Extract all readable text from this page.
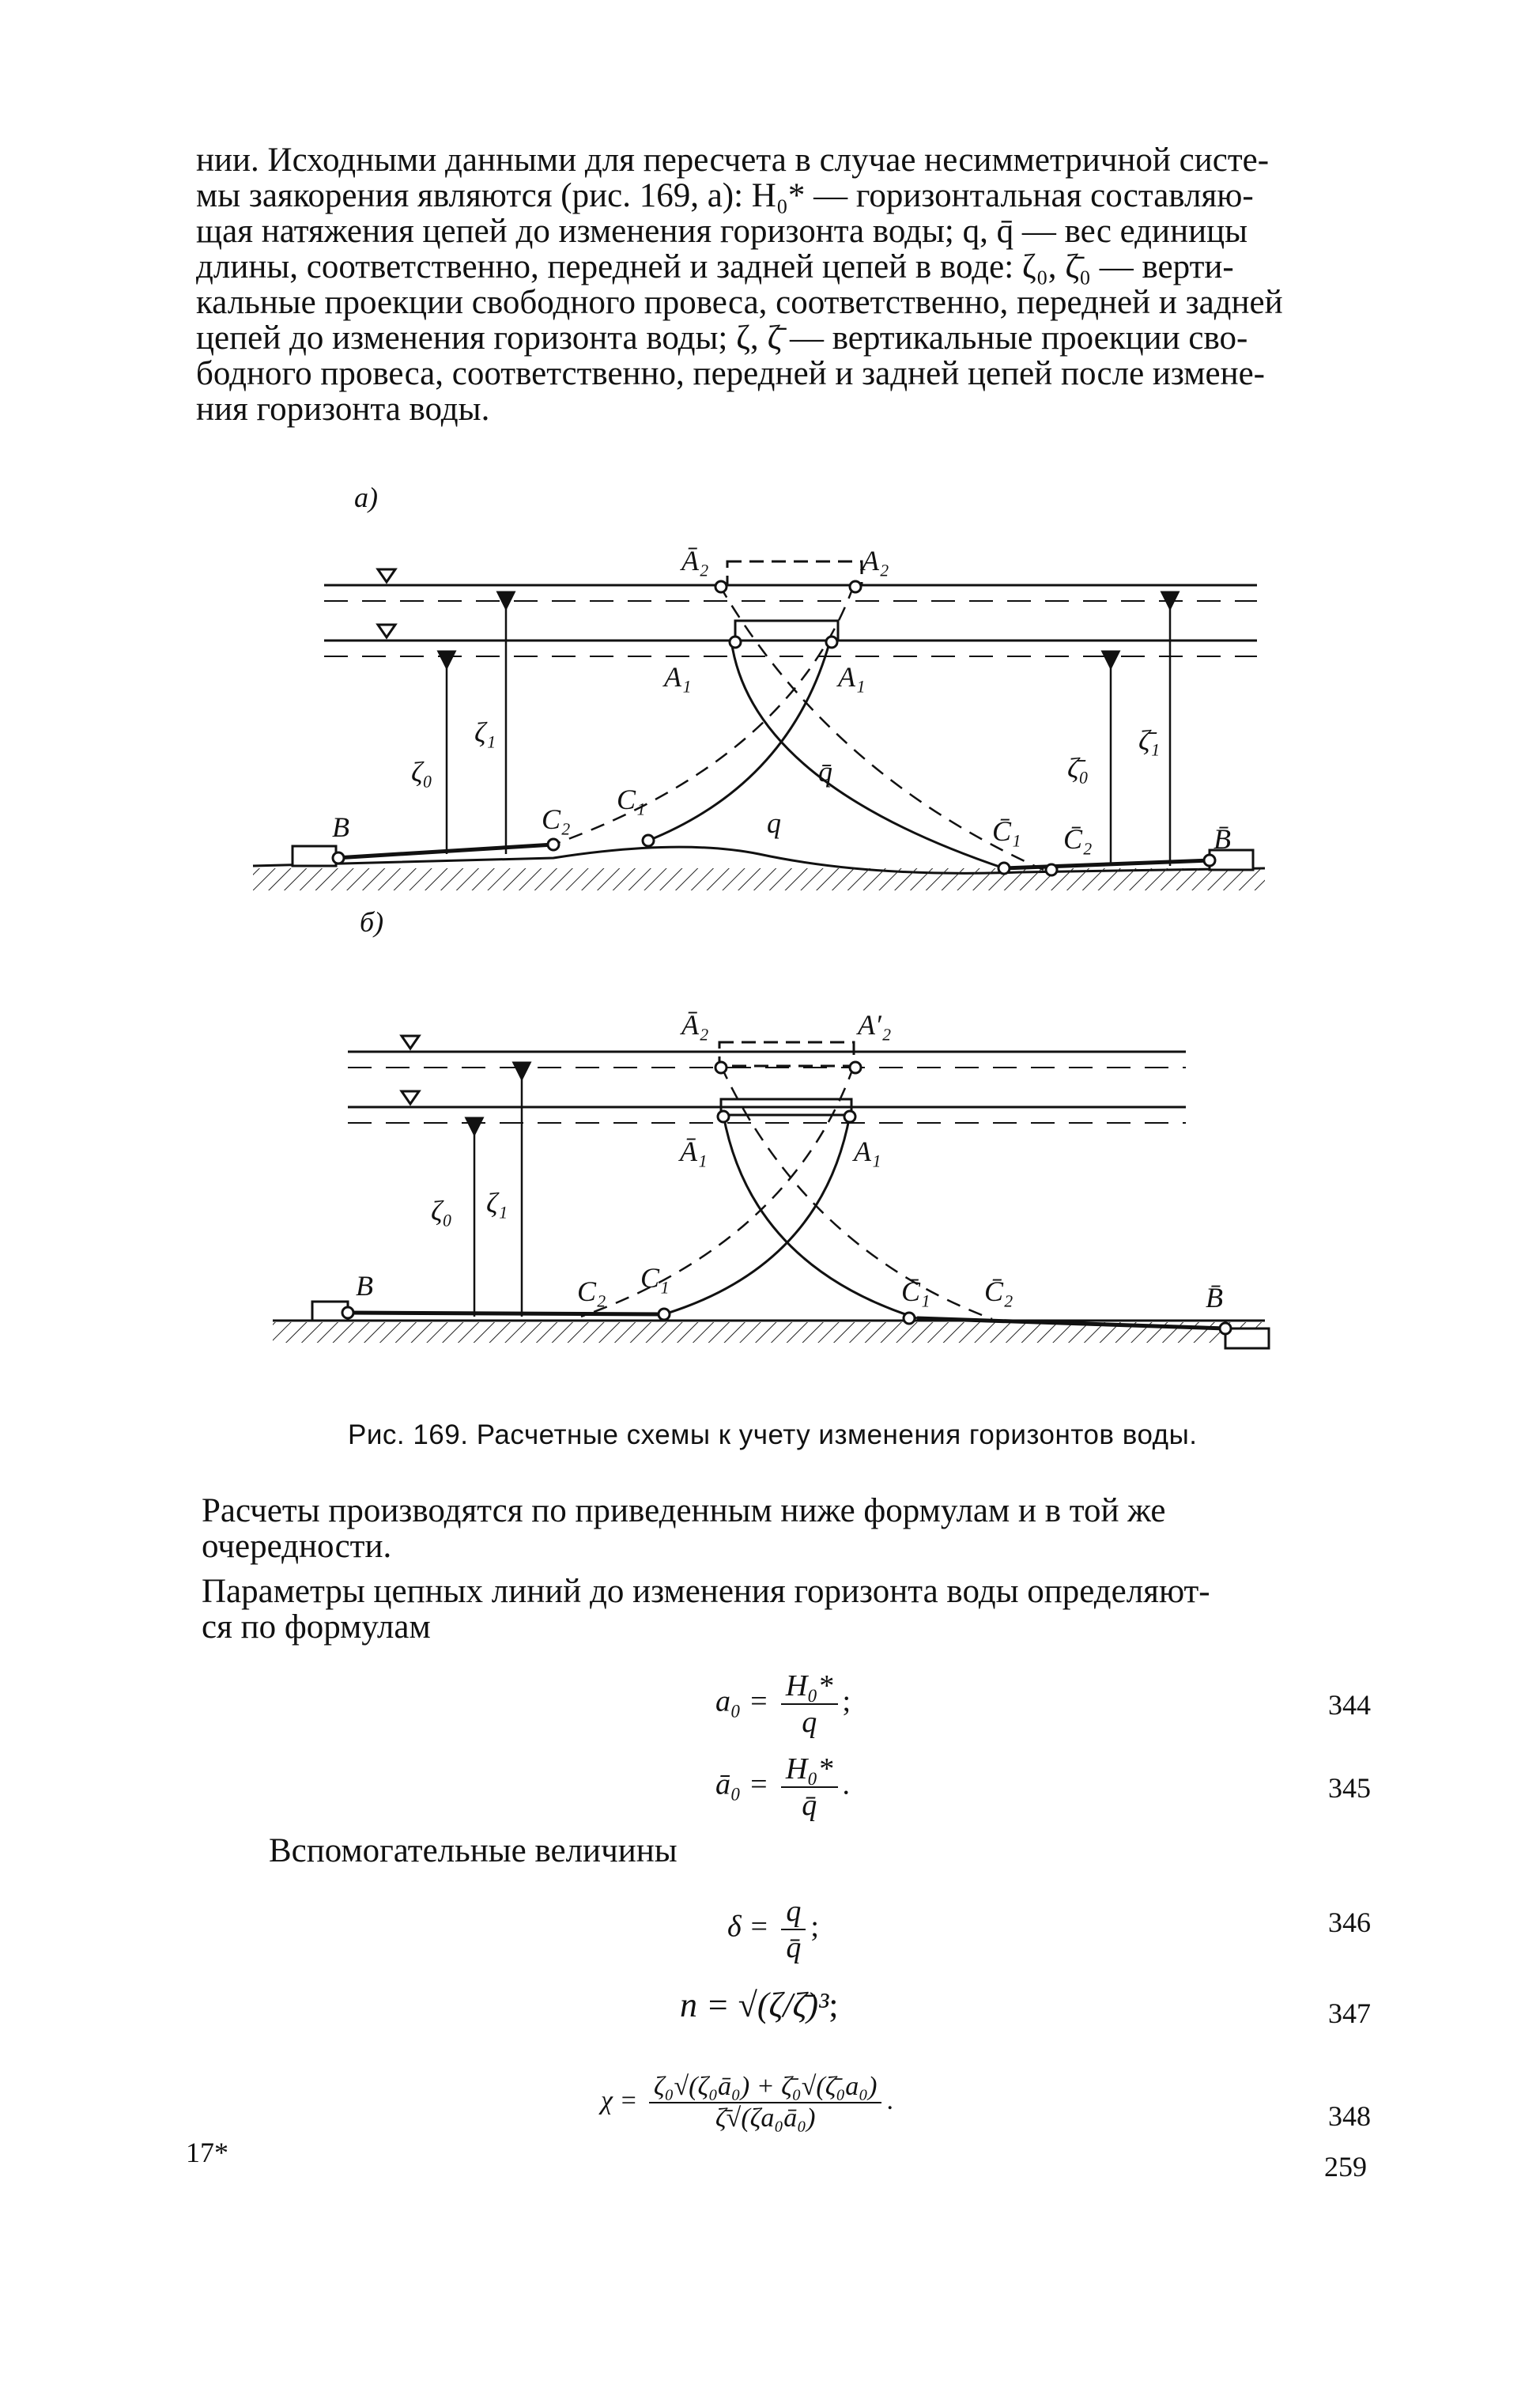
нии. Исходными данными для пересчета в случае несимметричной систе-
мы заякорения являются (рис. 169, а): Н₀* — горизонтальная составляю-
щая натяжения цепей до изменения горизонта воды; q, q̄ — вес единицы
длины, соответственно, передней и задней цепей в воде: ζ₀, ζ̄₀ — верти-
кальные проекции свободного провеса, соответственно, передней и задней
цепей до изменения горизонта воды; ζ, ζ̄ — вертикальные проекции сво-
бодного провеса, соответственно, передней и задней цепей после измене-
ния горизонта воды.
а)
Ā₂	A₂
A₁	A₁
ζ₀
ζ₁
ζ̄₀
ζ̄₁
q̄
q
B	C₂
C₁
C̄₁ C̄₂	B̄
б)
Ā₂	A′₂
Ā₁	A₁
ζ₀ ζ₁
B	C₂ C₁	C̄₁ C̄₂	B̄
Рис. 169. Расчетные схемы к учету изменения горизонтов воды.
Расчеты производятся по приведенным ниже формулам и в той же
очередности.
Параметры цепных линий до изменения горизонта воды определяют-
ся по формулам
$a_0 = \frac{\text{H₀*}}{q}$ ;	344
ā₀ = $\frac{\text{H₀*}}{q̄}$ .	345
Вспомогательные величины
$\delta = \frac{q}{q̄}$ ;	346
n = √(ζ/ζ̄)³;	347
$\chi = \frac{\text{ζ₀√(ζ₀ā₀) + ζ̄₀√(ζ̄₀a₀)}}{\text{ζ̄√(ζa₀ā₀)}}$ .	348
17*	259
